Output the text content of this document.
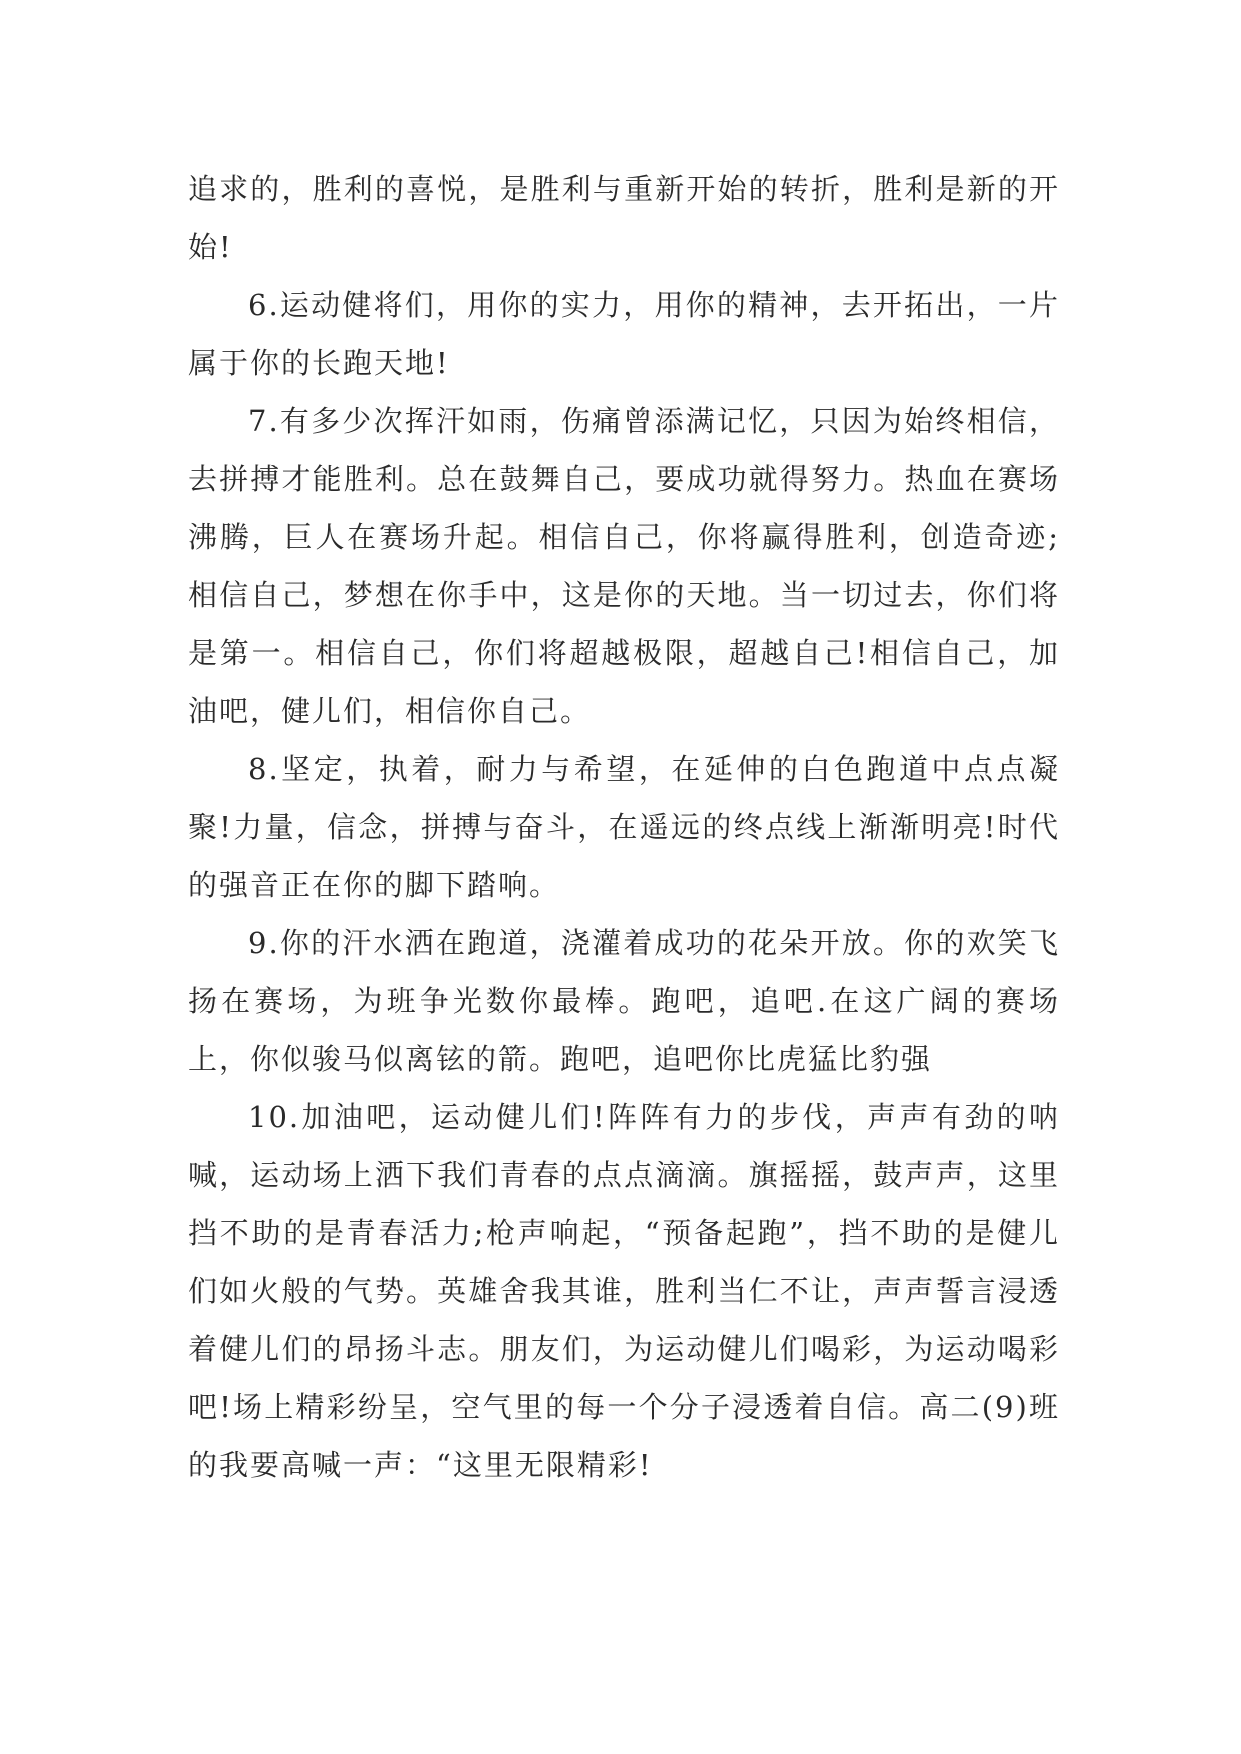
追求的，胜利的喜悦，是胜利与重新开始的转折，胜利是新的开始!

6.运动健将们，用你的实力，用你的精神，去开拓出，一片属于你的长跑天地!

7.有多少次挥汗如雨，伤痛曾添满记忆，只因为始终相信，去拼搏才能胜利。总在鼓舞自己，要成功就得努力。热血在赛场沸腾，巨人在赛场升起。相信自己，你将赢得胜利，创造奇迹;相信自己，梦想在你手中，这是你的天地。当一切过去，你们将是第一。相信自己，你们将超越极限，超越自己!相信自己，加油吧，健儿们，相信你自己。

8.坚定，执着，耐力与希望，在延伸的白色跑道中点点凝聚!力量，信念，拼搏与奋斗，在遥远的终点线上渐渐明亮!时代的强音正在你的脚下踏响。

9.你的汗水洒在跑道，浇灌着成功的花朵开放。你的欢笑飞扬在赛场，为班争光数你最棒。跑吧，追吧.在这广阔的赛场上，你似骏马似离铉的箭。跑吧，追吧你比虎猛比豹强

10.加油吧，运动健儿们!阵阵有力的步伐，声声有劲的呐喊，运动场上洒下我们青春的点点滴滴。旗摇摇，鼓声声，这里挡不助的是青春活力;枪声响起，“预备起跑”，挡不助的是健儿们如火般的气势。英雄舍我其谁，胜利当仁不让，声声誓言浸透着健儿们的昂扬斗志。朋友们，为运动健儿们喝彩，为运动喝彩吧!场上精彩纷呈，空气里的每一个分子浸透着自信。高二(9)班的我要高喊一声：“这里无限精彩!
